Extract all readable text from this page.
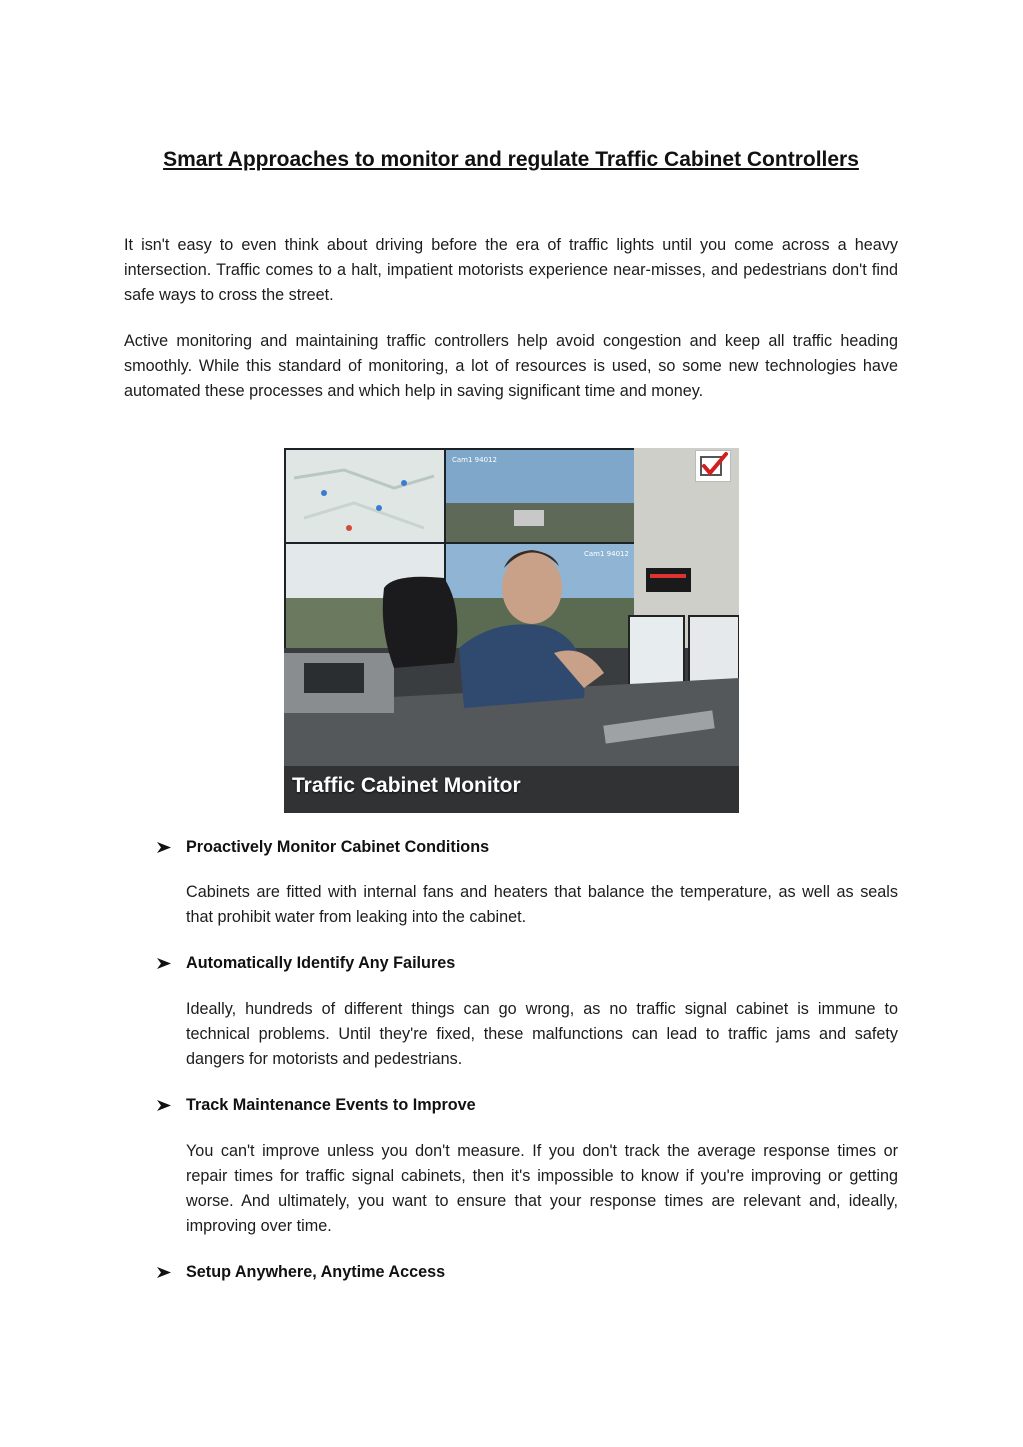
Smart Approaches to monitor and regulate Traffic Cabinet Controllers

It isn't easy to even think about driving before the era of traffic lights until you come across a heavy intersection. Traffic comes to a halt, impatient motorists experience near-misses, and pedestrians don't find safe ways to cross the street.

Active monitoring and maintaining traffic controllers help avoid congestion and keep all traffic heading smoothly. While this standard of monitoring, a lot of resources is used, so some new technologies have automated these processes and which help in saving significant time and money.

Cam1 94012
Cam1 94012
Traffic Cabinet Monitor
Proactively Monitor Cabinet Conditions

Cabinets are fitted with internal fans and heaters that balance the temperature, as well as seals that prohibit water from leaking into the cabinet.

Automatically Identify Any Failures

Ideally, hundreds of different things can go wrong, as no traffic signal cabinet is immune to technical problems. Until they're fixed, these malfunctions can lead to traffic jams and safety dangers for motorists and pedestrians.

Track Maintenance Events to Improve

You can't improve unless you don't measure. If you don't track the average response times or repair times for traffic signal cabinets, then it's impossible to know if you're improving or getting worse. And ultimately, you want to ensure that your response times are relevant and, ideally, improving over time.

Setup Anywhere, Anytime Access
